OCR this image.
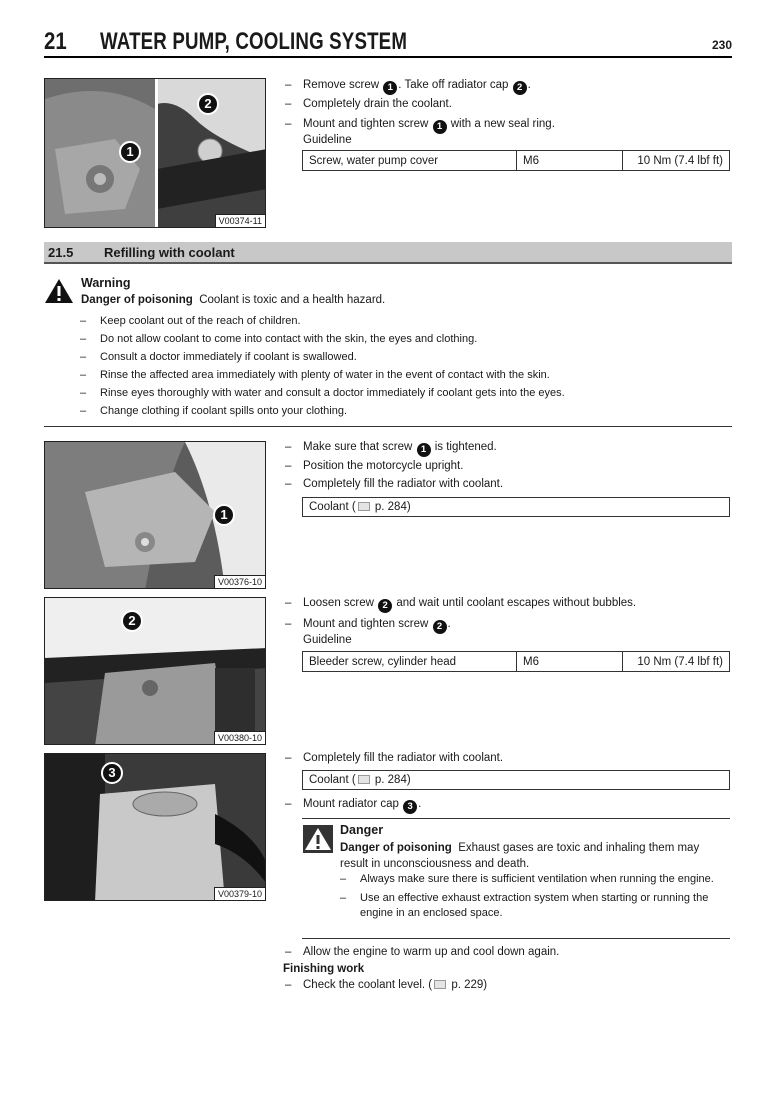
21 WATER PUMP, COOLING SYSTEM	230
2
1
V00374-11
– Remove screw 1 . Take off radiator cap 2 .
– Completely drain the coolant.
– Mount and tighten screw 1 with a new seal ring.
Guideline
Screw, water pump cover	M6	10 Nm (7.4 lbf ft)
21.5 Refilling with coolant
Warning
Danger of poisoning Coolant is toxic and a health hazard.
– Keep coolant out of the reach of children.
– Do not allow coolant to come into contact with the skin, the eyes and clothing.
– Consult a doctor immediately if coolant is swallowed.
– Rinse the affected area immediately with plenty of water in the event of contact with the skin.
– Rinse eyes thoroughly with water and consult a doctor immediately if coolant gets into the eyes.
– Change clothing if coolant spills onto your clothing.
1
V00376-10
– Make sure that screw 1 is tightened.
– Position the motorcycle upright.
– Completely fill the radiator with coolant.
Coolant ( p. 284)
2
V00380-10
– Loosen screw 2 and wait until coolant escapes without bubbles.
– Mount and tighten screw 2 .
Guideline
Bleeder screw, cylinder head	M6	10 Nm (7.4 lbf ft)
3
V00379-10
– Completely fill the radiator with coolant.
Coolant ( p. 284)
– Mount radiator cap 3 .
Danger
Danger of poisoning Exhaust gases are toxic and inhaling them may result in unconsciousness and death.
– Always make sure there is sufficient ventilation when running the engine.
– Use an effective exhaust extraction system when starting or running the engine in an enclosed space.
– Allow the engine to warm up and cool down again.
Finishing work
– Check the coolant level. ( p. 229)
